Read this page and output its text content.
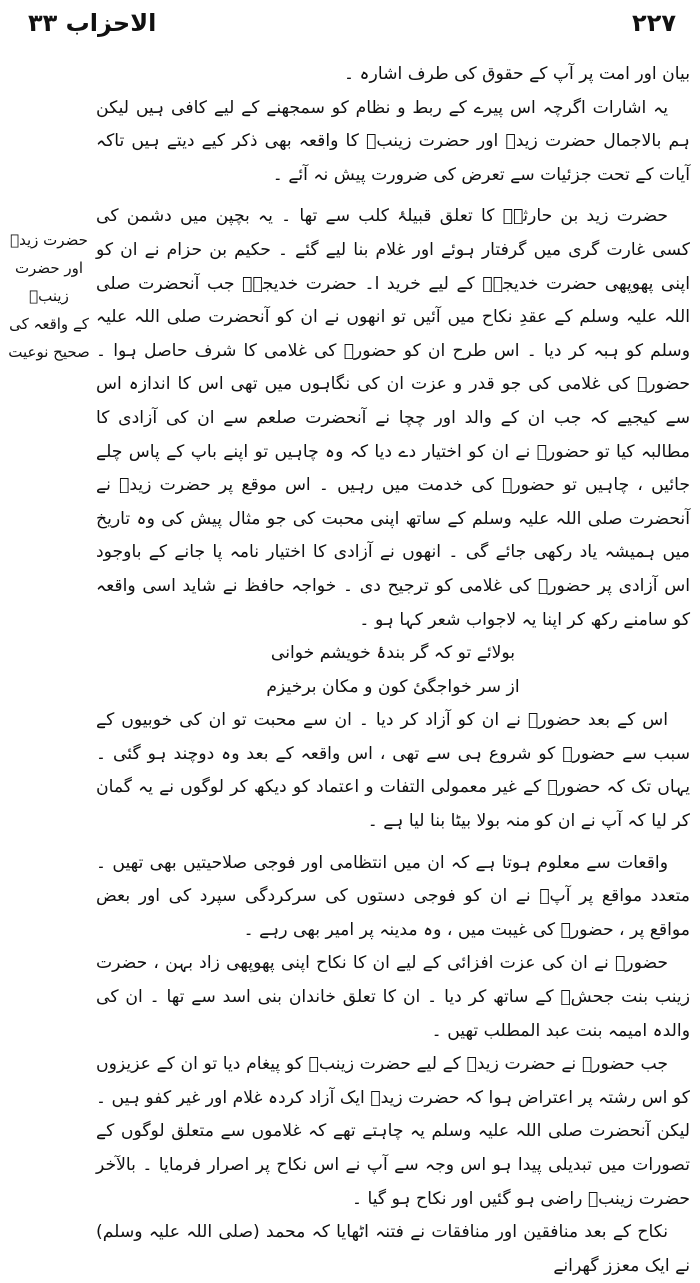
الاحزاب ۳۳	۲۲۷
حضرت زیدؓ
اور حضرت زینبؓ
کے واقعہ کی
صحیح نوعیت

بیان اور امت پر آپ کے حقوق کی طرف اشارہ ۔

یہ اشارات اگرچہ اس پیرے کے ربط و نظام کو سمجھنے کے لیے کافی ہیں لیکن ہم بالاجمال حضرت زیدؓ اور حضرت زینبؓ کا واقعہ بھی ذکر کیے دیتے ہیں تاکہ آیات کے تحت جزئیات سے تعرض کی ضرورت پیش نہ آئے ۔

حضرت زید بن حارثہؓ کا تعلق قبیلۂ کلب سے تھا ۔ یہ بچپن میں دشمن کی کسی غارت گری میں گرفتار ہوئے اور غلام بنا لیے گئے ۔ حکیم بن حزام نے ان کو اپنی پھوپھی حضرت خدیجہؓ کے لیے خرید ا۔ حضرت خدیجہؓ جب آنحضرت صلی اللہ علیہ وسلم کے عقدِ نکاح میں آئیں تو انھوں نے ان کو آنحضرت صلی اللہ علیہ وسلم کو ہبہ کر دیا ۔ اس طرح ان کو حضورؐ کی غلامی کا شرف حاصل ہوا ۔ حضورؐ کی غلامی کی جو قدر و عزت ان کی نگاہوں میں تھی اس کا اندازہ اس سے کیجیے کہ جب ان کے والد اور چچا نے آنحضرت صلعم سے ان کی آزادی کا مطالبہ کیا تو حضورؐ نے ان کو اختیار دے دیا کہ وہ چاہیں تو اپنے باپ کے پاس چلے جائیں ، چاہیں تو حضورؐ کی خدمت میں رہیں ۔ اس موقع پر حضرت زیدؓ نے آنحضرت صلی اللہ علیہ وسلم کے ساتھ اپنی محبت کی جو مثال پیش کی وہ تاریخ میں ہمیشہ یاد رکھی جائے گی ۔ انھوں نے آزادی کا اختیار نامہ پا جانے کے باوجود اس آزادی پر حضورؐ کی غلامی کو ترجیح دی ۔ خواجہ حافظ نے شاید اسی واقعہ کو سامنے رکھ کر اپنا یہ لاجواب شعر کہا ہو ۔

بولائے تو کہ گر بندۂ خویشم خوانی

از سر خواجگیٔ کون و مکان برخیزم

اس کے بعد حضورؐ نے ان کو آزاد کر دیا ۔ ان سے محبت تو ان کی خوبیوں کے سبب سے حضورؐ کو شروع ہی سے تھی ، اس واقعہ کے بعد وہ دوچند ہو گئی ۔ یہاں تک کہ حضورؐ کے غیر معمولی التفات و اعتماد کو دیکھ کر لوگوں نے یہ گمان کر لیا کہ آپ نے ان کو منہ بولا بیٹا بنا لیا ہے ۔

واقعات سے معلوم ہوتا ہے کہ ان میں انتظامی اور فوجی صلاحیتیں بھی تھیں ۔ متعدد مواقع پر آپؐ نے ان کو فوجی دستوں کی سرکردگی سپرد کی اور بعض مواقع پر ، حضورؐ کی غیبت میں ، وہ مدینہ پر امیر بھی رہے ۔

حضورؐ نے ان کی عزت افزائی کے لیے ان کا نکاح اپنی پھوپھی زاد بہن ، حضرت زینب بنت جحشؓ کے ساتھ کر دیا ۔ ان کا تعلق خاندان بنی اسد سے تھا ۔ ان کی والدہ امیمہ بنت عبد المطلب تھیں ۔

جب حضورؐ نے حضرت زیدؓ کے لیے حضرت زینبؓ کو پیغام دیا تو ان کے عزیزوں کو اس رشتہ پر اعتراض ہوا کہ حضرت زیدؓ ایک آزاد کردہ غلام اور غیر کفو ہیں ۔ لیکن آنحضرت صلی اللہ علیہ وسلم یہ چاہتے تھے کہ غلاموں سے متعلق لوگوں کے تصورات میں تبدیلی پیدا ہو اس وجہ سے آپ نے اس نکاح پر اصرار فرمایا ۔ بالآخر حضرت زینبؓ راضی ہو گئیں اور نکاح ہو گیا ۔

نکاح کے بعد منافقین اور منافقات نے فتنہ اٹھایا کہ محمد (صلی اللہ علیہ وسلم) نے ایک معزز گھرانے
